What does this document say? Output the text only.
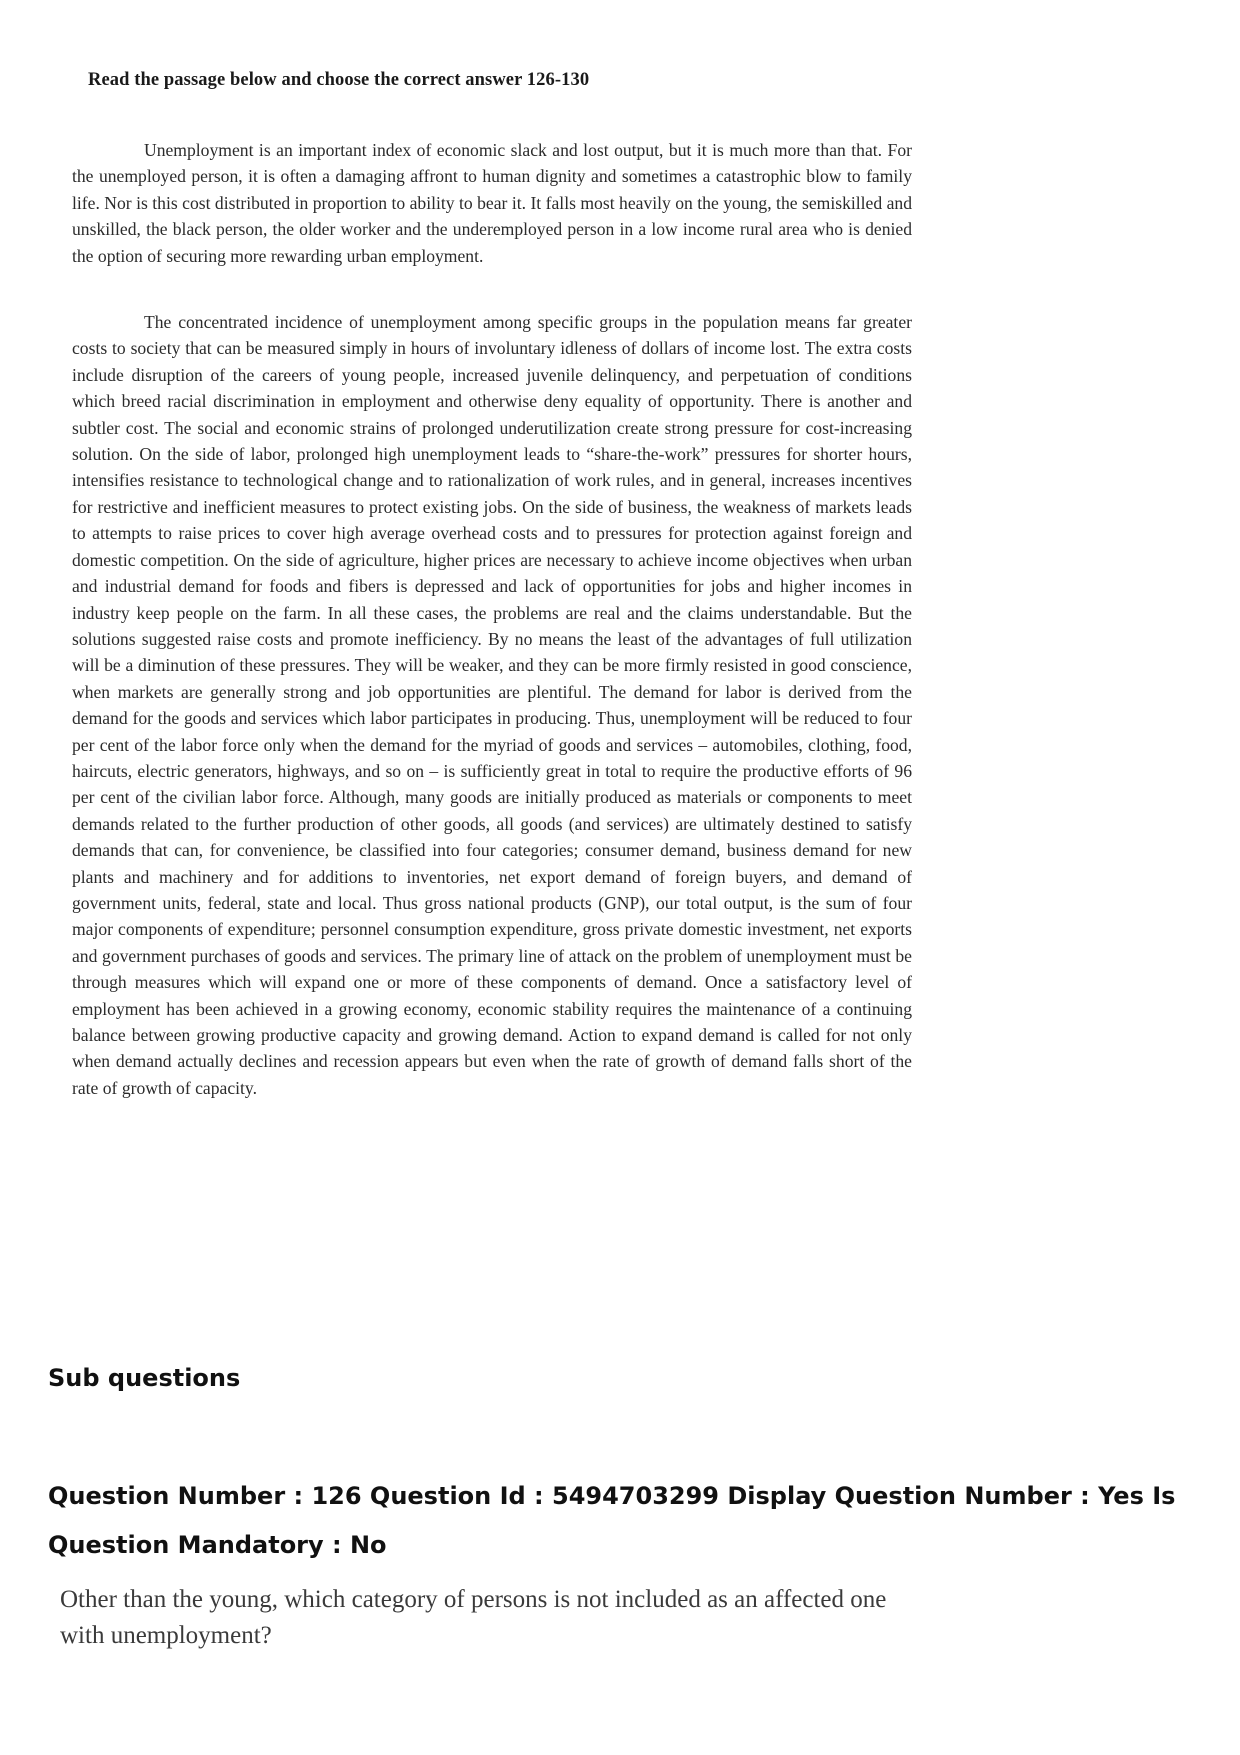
Read the passage below and choose the correct answer 126-130

Unemployment is an important index of economic slack and lost output, but it is much more than that. For the unemployed person, it is often a damaging affront to human dignity and sometimes a catastrophic blow to family life. Nor is this cost distributed in proportion to ability to bear it. It falls most heavily on the young, the semiskilled and unskilled, the black person, the older worker and the underemployed person in a low income rural area who is denied the option of securing more rewarding urban employment.

The concentrated incidence of unemployment among specific groups in the population means far greater costs to society that can be measured simply in hours of involuntary idleness of dollars of income lost. The extra costs include disruption of the careers of young people, increased juvenile delinquency, and perpetuation of conditions which breed racial discrimination in employment and otherwise deny equality of opportunity. There is another and subtler cost. The social and economic strains of prolonged underutilization create strong pressure for cost-increasing solution. On the side of labor, prolonged high unemployment leads to “share-the-work” pressures for shorter hours, intensifies resistance to technological change and to rationalization of work rules, and in general, increases incentives for restrictive and inefficient measures to protect existing jobs. On the side of business, the weakness of markets leads to attempts to raise prices to cover high average overhead costs and to pressures for protection against foreign and domestic competition. On the side of agriculture, higher prices are necessary to achieve income objectives when urban and industrial demand for foods and fibers is depressed and lack of opportunities for jobs and higher incomes in industry keep people on the farm. In all these cases, the problems are real and the claims understandable. But the solutions suggested raise costs and promote inefficiency. By no means the least of the advantages of full utilization will be a diminution of these pressures. They will be weaker, and they can be more firmly resisted in good conscience, when markets are generally strong and job opportunities are plentiful. The demand for labor is derived from the demand for the goods and services which labor participates in producing. Thus, unemployment will be reduced to four per cent of the labor force only when the demand for the myriad of goods and services – automobiles, clothing, food, haircuts, electric generators, highways, and so on – is sufficiently great in total to require the productive efforts of 96 per cent of the civilian labor force. Although, many goods are initially produced as materials or components to meet demands related to the further production of other goods, all goods (and services) are ultimately destined to satisfy demands that can, for convenience, be classified into four categories; consumer demand, business demand for new plants and machinery and for additions to inventories, net export demand of foreign buyers, and demand of government units, federal, state and local. Thus gross national products (GNP), our total output, is the sum of four major components of expenditure; personnel consumption expenditure, gross private domestic investment, net exports and government purchases of goods and services. The primary line of attack on the problem of unemployment must be through measures which will expand one or more of these components of demand. Once a satisfactory level of employment has been achieved in a growing economy, economic stability requires the maintenance of a continuing balance between growing productive capacity and growing demand. Action to expand demand is called for not only when demand actually declines and recession appears but even when the rate of growth of demand falls short of the rate of growth of capacity.

Sub questions

Question Number : 126 Question Id : 5494703299 Display Question Number : Yes Is Question Mandatory : No

Other than the young, which category of persons is not included as an affected one with unemployment?
